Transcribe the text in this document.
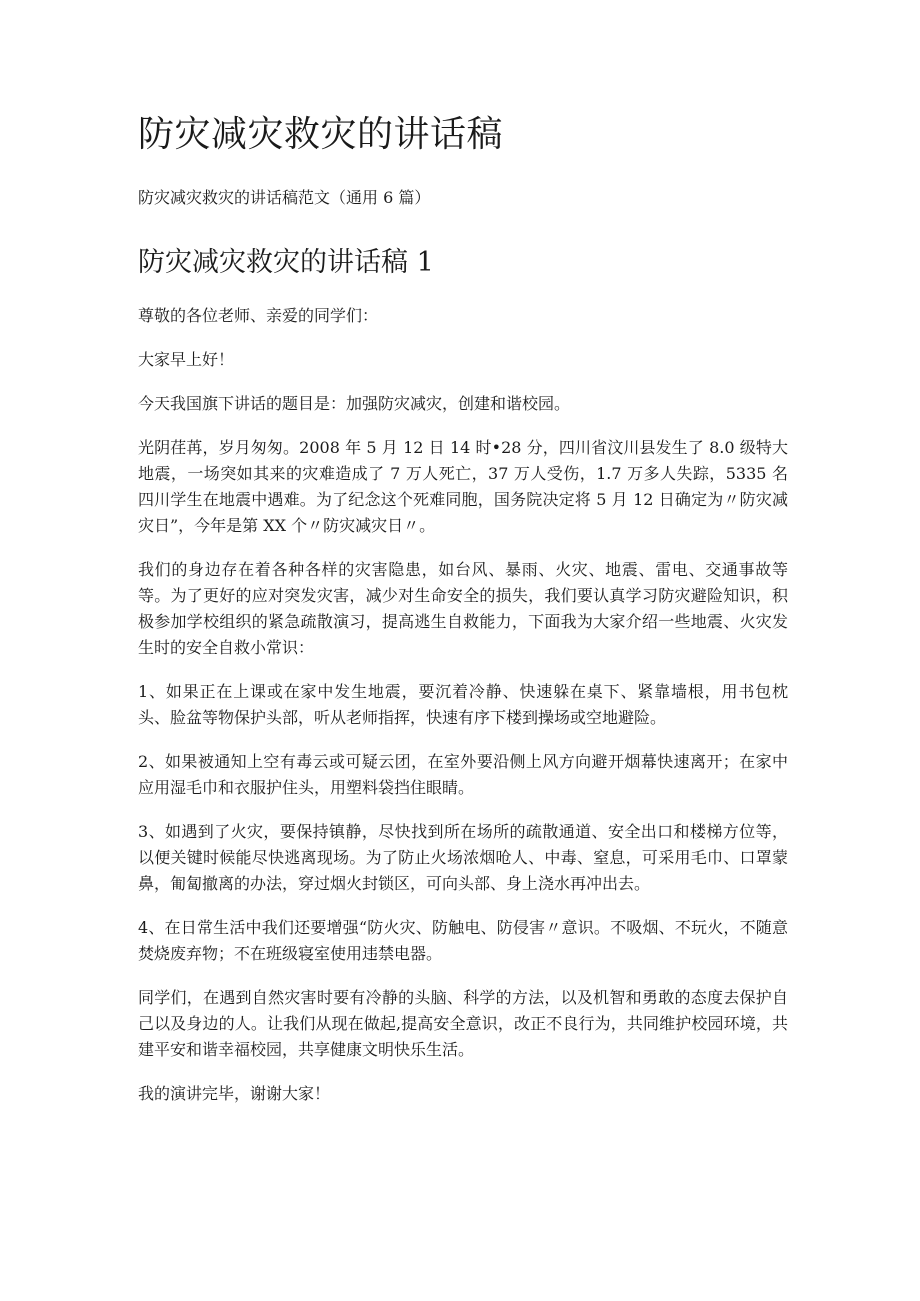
防灾减灾救灾的讲话稿

防灾减灾救灾的讲话稿范文（通用 6 篇）

防灾减灾救灾的讲话稿 1

尊敬的各位老师、亲爱的同学们：

大家早上好！

今天我国旗下讲话的题目是：加强防灾减灾，创建和谐校园。

光阴荏苒，岁月匆匆。2008 年 5 月 12 日 14 时•28 分，四川省汶川县发生了 8.0 级特大地震，一场突如其来的灾难造成了 7 万人死亡，37 万人受伤，1.7 万多人失踪，5335 名四川学生在地震中遇难。为了纪念这个死难同胞，国务院决定将 5 月 12 日确定为〃防灾减灾日”，今年是第 XX 个〃防灾减灾日〃。

我们的身边存在着各种各样的灾害隐患，如台风、暴雨、火灾、地震、雷电、交通事故等等。为了更好的应对突发灾害，减少对生命安全的损失，我们要认真学习防灾避险知识，积极参加学校组织的紧急疏散演习，提高逃生自救能力，下面我为大家介绍一些地震、火灾发生时的安全自救小常识：

1、如果正在上课或在家中发生地震，要沉着冷静、快速躲在桌下、紧靠墙根，用书包枕头、脸盆等物保护头部，听从老师指挥，快速有序下楼到操场或空地避险。

2、如果被通知上空有毒云或可疑云团，在室外要沿侧上风方向避开烟幕快速离开；在家中应用湿毛巾和衣服护住头，用塑料袋挡住眼睛。

3、如遇到了火灾，要保持镇静，尽快找到所在场所的疏散通道、安全出口和楼梯方位等，以便关键时候能尽快逃离现场。为了防止火场浓烟呛人、中毒、窒息，可采用毛巾、口罩蒙鼻，匍匐撤离的办法，穿过烟火封锁区，可向头部、身上浇水再冲出去。

4、在日常生活中我们还要增强“防火灾、防触电、防侵害〃意识。不吸烟、不玩火，不随意焚烧废弃物；不在班级寝室使用违禁电器。

同学们，在遇到自然灾害时要有冷静的头脑、科学的方法，以及机智和勇敢的态度去保护自己以及身边的人。让我们从现在做起,提高安全意识，改正不良行为，共同维护校园环境，共建平安和谐幸福校园，共享健康文明快乐生活。

我的演讲完毕，谢谢大家！
